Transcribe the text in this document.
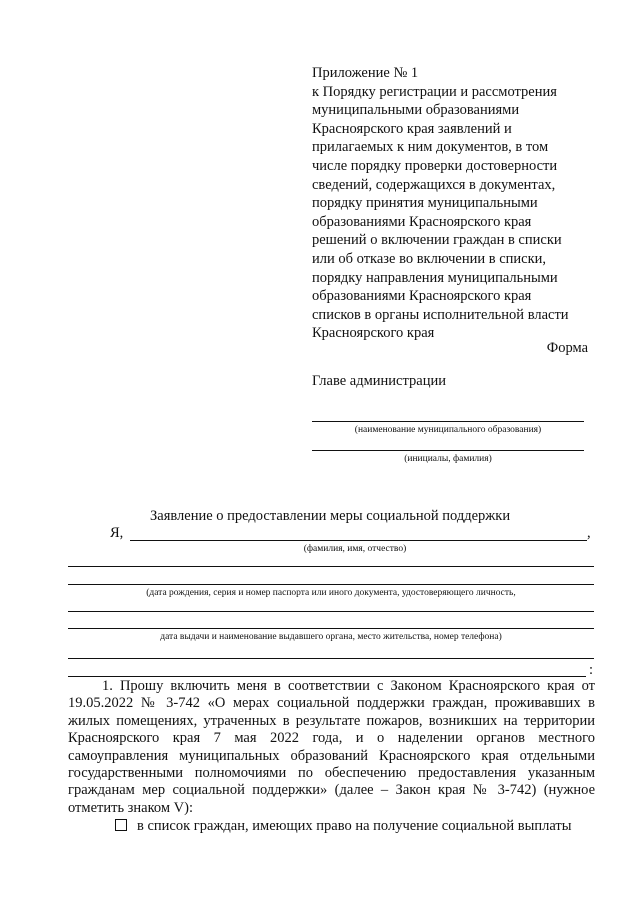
Приложение № 1
к Порядку регистрации и рассмотрения
муниципальными образованиями
Красноярского края заявлений и
прилагаемых к ним документов, в том
числе порядку проверки достоверности
сведений, содержащихся в документах,
порядку принятия муниципальными
образованиями Красноярского края
решений о включении граждан в списки
или об отказе во включении в списки,
порядку направления муниципальными
образованиями Красноярского края
списков в органы исполнительной власти
Красноярского края
Форма
Главе администрации
(наименование муниципального образования)
(инициалы, фамилия)
Заявление о предоставлении меры социальной поддержки
Я,	,
(фамилия, имя, отчество)
(дата рождения, серия и номер паспорта или иного документа, удостоверяющего личность,
дата выдачи и наименование выдавшего органа, место жительства, номер телефона)
:

1. Прошу включить меня в соответствии с Законом Красноярского края от 19.05.2022 № 3-742 «О мерах социальной поддержки граждан, проживавших в жилых помещениях, утраченных в результате пожаров, возникших на территории Красноярского края 7 мая 2022 года, и о наделении органов местного самоуправления муниципальных образований Красноярского края отдельными государственными полномочиями по обеспечению предоставления указанным гражданам мер социальной поддержки» (далее – Закон края № 3-742) (нужное отметить знаком V):

в список граждан, имеющих право на получение социальной выплаты
